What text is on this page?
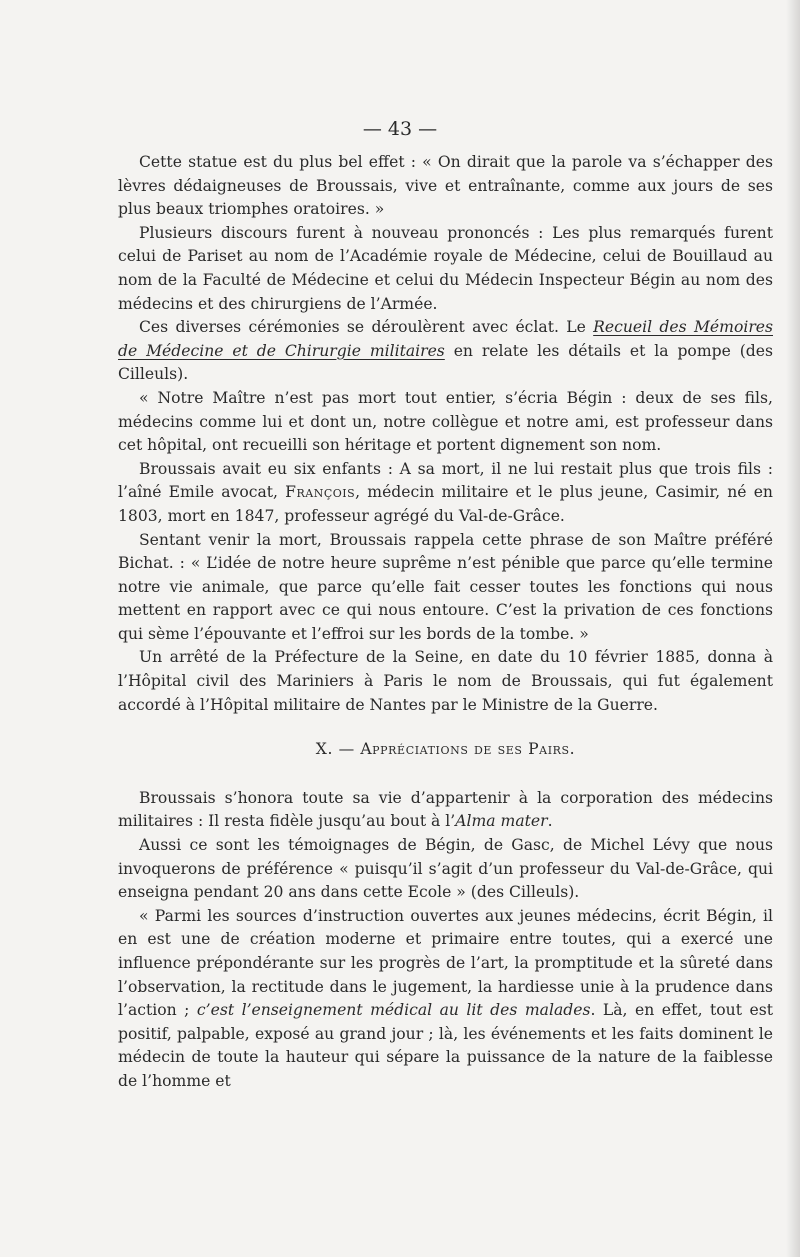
— 43 —

Cette statue est du plus bel effet : « On dirait que la parole va s’échapper des lèvres dédaigneuses de Broussais, vive et entraînante, comme aux jours de ses plus beaux triomphes oratoires. »

Plusieurs discours furent à nouveau prononcés : Les plus remarqués furent celui de Pariset au nom de l’Académie royale de Médecine, celui de Bouillaud au nom de la Faculté de Médecine et celui du Médecin Inspecteur Bégin au nom des médecins et des chirurgiens de l’Armée.

Ces diverses cérémonies se déroulèrent avec éclat. Le Recueil des Mémoires de Médecine et de Chirurgie militaires en relate les détails et la pompe (des Cilleuls).

« Notre Maître n’est pas mort tout entier, s’écria Bégin : deux de ses fils, médecins comme lui et dont un, notre collègue et notre ami, est professeur dans cet hôpital, ont recueilli son héritage et portent dignement son nom.

Broussais avait eu six enfants : A sa mort, il ne lui restait plus que trois fils : l’aîné Emile avocat, François, médecin militaire et le plus jeune, Casimir, né en 1803, mort en 1847, professeur agrégé du Val-de-Grâce.

Sentant venir la mort, Broussais rappela cette phrase de son Maître préféré Bichat. : « L’idée de notre heure suprême n’est pénible que parce qu’elle termine notre vie animale, que parce qu’elle fait cesser toutes les fonctions qui nous mettent en rapport avec ce qui nous entoure. C’est la privation de ces fonctions qui sème l’épouvante et l’effroi sur les bords de la tombe. »

Un arrêté de la Préfecture de la Seine, en date du 10 février 1885, donna à l’Hôpital civil des Mariniers à Paris le nom de Broussais, qui fut également accordé à l’Hôpital militaire de Nantes par le Ministre de la Guerre.

X. — Appréciations de ses Pairs.

Broussais s’honora toute sa vie d’appartenir à la corporation des médecins militaires : Il resta fidèle jusqu’au bout à l’Alma mater.

Aussi ce sont les témoignages de Bégin, de Gasc, de Michel Lévy que nous invoquerons de préférence « puisqu’il s’agit d’un professeur du Val-de-Grâce, qui enseigna pendant 20 ans dans cette Ecole » (des Cilleuls).

« Parmi les sources d’instruction ouvertes aux jeunes médecins, écrit Bégin, il en est une de création moderne et primaire entre toutes, qui a exercé une influence prépondérante sur les progrès de l’art, la promptitude et la sûreté dans l’observation, la rectitude dans le jugement, la hardiesse unie à la prudence dans l’action ; c’est l’enseignement médical au lit des malades. Là, en effet, tout est positif, palpable, exposé au grand jour ; là, les événements et les faits dominent le médecin de toute la hauteur qui sépare la puissance de la nature de la faiblesse de l’homme et
